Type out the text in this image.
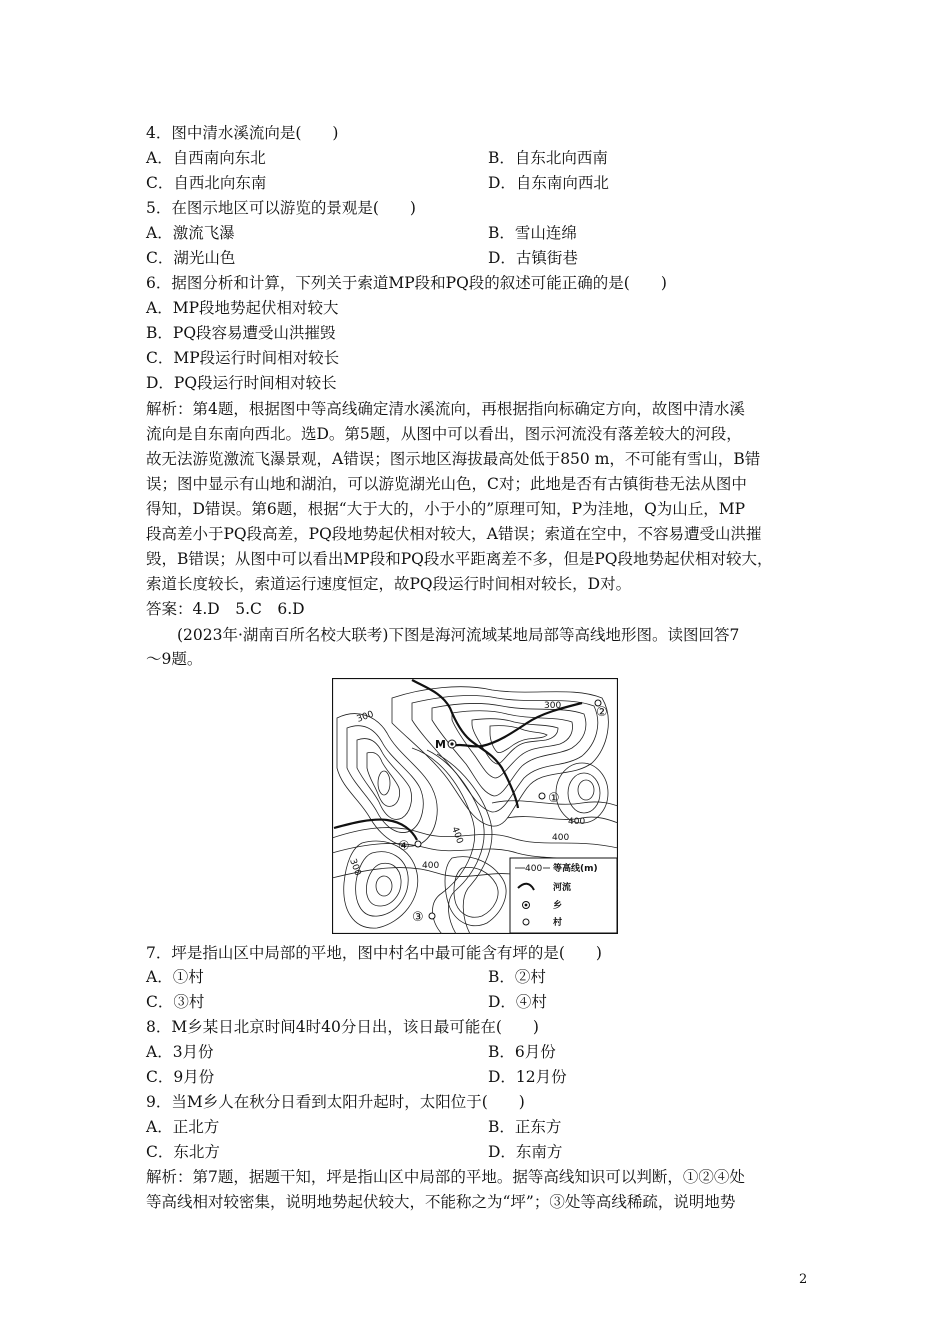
4．图中清水溪流向是(　　)
A．自西南向东北	B．自东北向西南
C．自西北向东南	D．自东南向西北
5．在图示地区可以游览的景观是(　　)
A．激流飞瀑	B．雪山连绵
C．湖光山色	D．古镇街巷
6．据图分析和计算，下列关于索道MP段和PQ段的叙述可能正确的是(　　)
A．MP段地势起伏相对较大
B．PQ段容易遭受山洪摧毁
C．MP段运行时间相对较长
D．PQ段运行时间相对较长
解析：第4题，根据图中等高线确定清水溪流向，再根据指向标确定方向，故图中清水溪
流向是自东南向西北。选D。第5题，从图中可以看出，图示河流没有落差较大的河段，
故无法游览激流飞瀑景观，A错误；图示地区海拔最高处低于850 m，不可能有雪山，B错
误；图中显示有山地和湖泊，可以游览湖光山色，C对；此地是否有古镇街巷无法从图中
得知，D错误。第6题，根据“大于大的，小于小的”原理可知，P为洼地，Q为山丘，MP
段高差小于PQ段高差，PQ段地势起伏相对较大，A错误；索道在空中，不容易遭受山洪摧
毁，B错误；从图中可以看出MP段和PQ段水平距离差不多，但是PQ段地势起伏相对较大，
索道长度较长，索道运行速度恒定，故PQ段运行时间相对较长，D对。
答案：4.D　5.C　6.D
(2023年·湖南百所名校大联考)下图是海河流域某地局部等高线地形图。读图回答7
～9题。
300
300
300
400
400
400
400
M
②
①
④
③
400 等高线(m)
河流
乡
村
7．坪是指山区中局部的平地，图中村名中最可能含有坪的是(　　)
A．①村	B．②村
C．③村	D．④村
8．M乡某日北京时间4时40分日出，该日最可能在(　　)
A．3月份	B．6月份
C．9月份	D．12月份
9．当M乡人在秋分日看到太阳升起时，太阳位于(　　)
A．正北方	B．正东方
C．东北方	D．东南方
解析：第7题，据题干知，坪是指山区中局部的平地。据等高线知识可以判断，①②④处
等高线相对较密集，说明地势起伏较大，不能称之为“坪”；③处等高线稀疏，说明地势
2
